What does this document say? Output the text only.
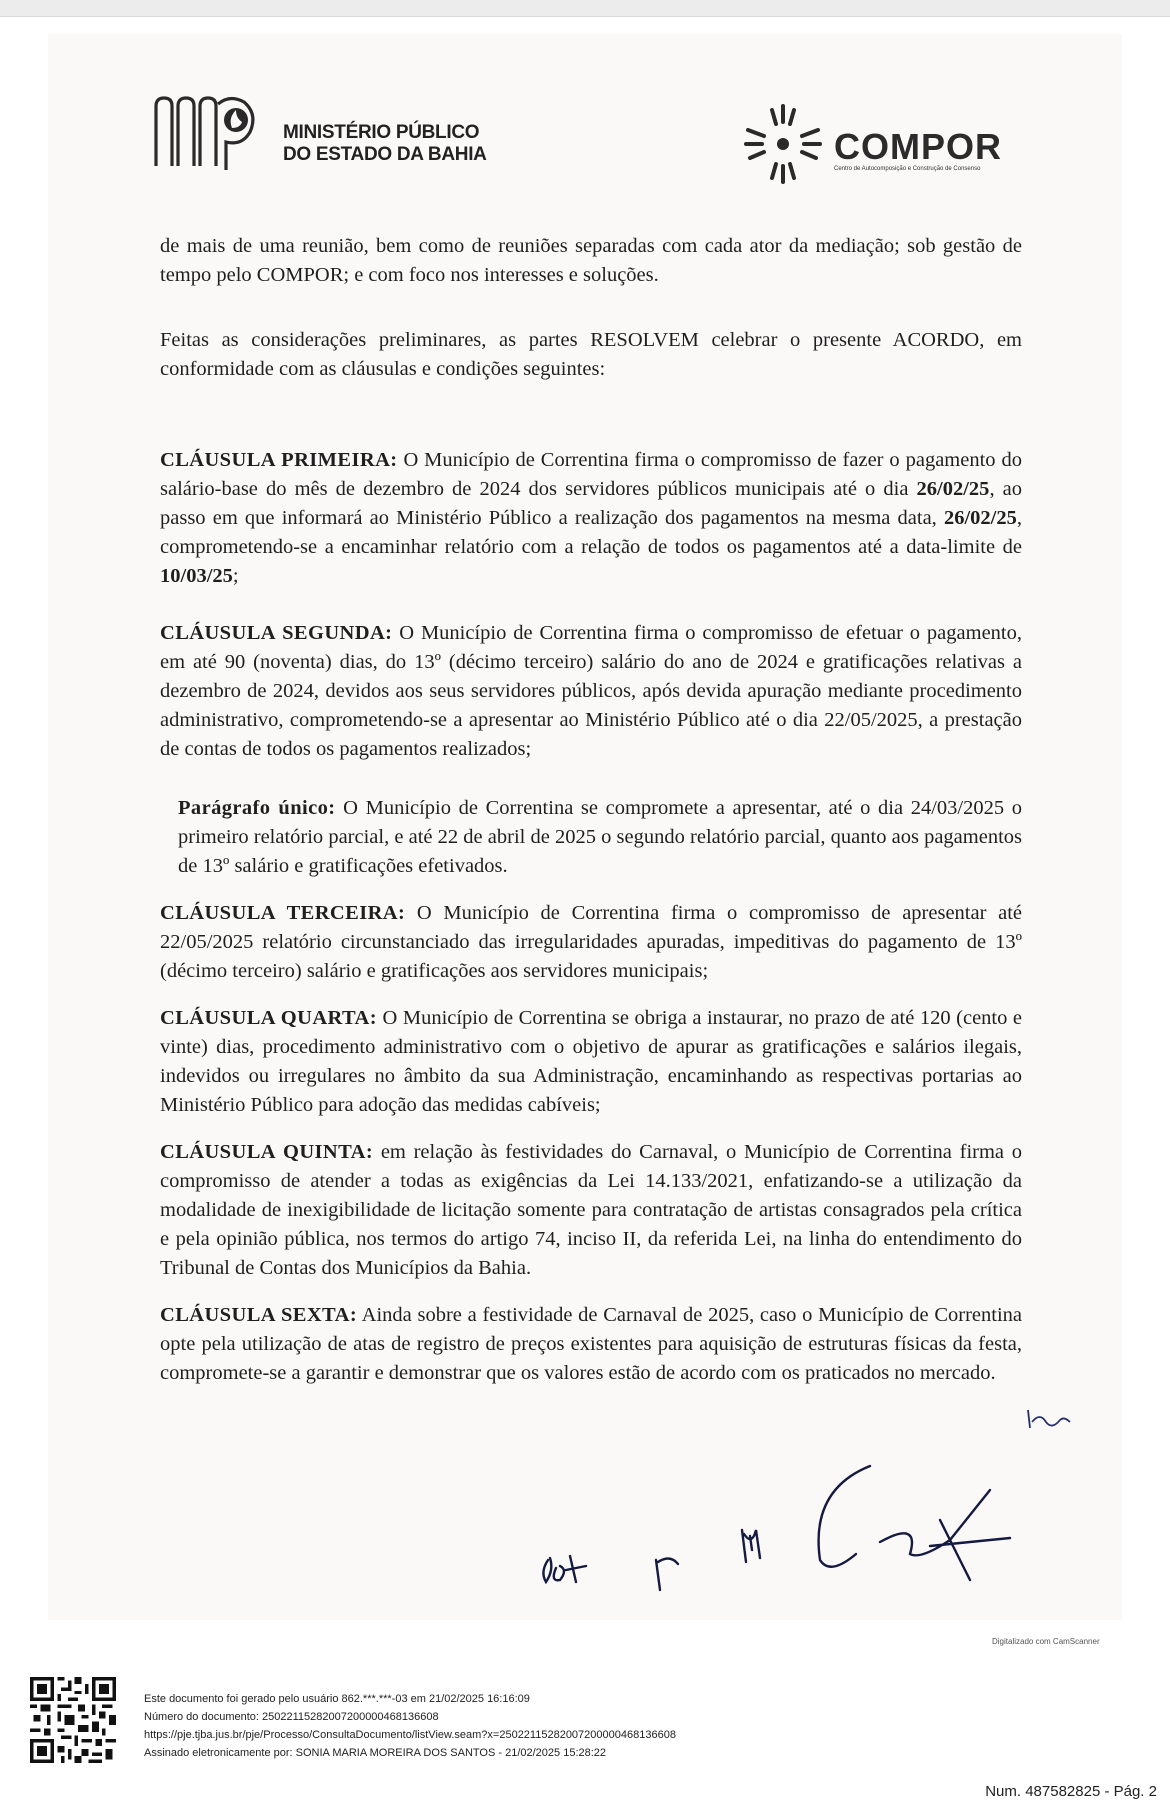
MINISTÉRIO PÚBLICO
DO ESTADO DA BAHIA	COMPOR
Centro de Autocomposição e Construção de Consenso

de mais de uma reunião, bem como de reuniões separadas com cada ator da mediação; sob gestão de tempo pelo COMPOR; e com foco nos interesses e soluções.

Feitas as considerações preliminares, as partes RESOLVEM celebrar o presente ACORDO, em conformidade com as cláusulas e condições seguintes:

CLÁUSULA PRIMEIRA: O Município de Correntina firma o compromisso de fazer o pagamento do salário-base do mês de dezembro de 2024 dos servidores públicos municipais até o dia 26/02/25, ao passo em que informará ao Ministério Público a realização dos pagamentos na mesma data, 26/02/25, comprometendo-se a encaminhar relatório com a relação de todos os pagamentos até a data-limite de 10/03/25;

CLÁUSULA SEGUNDA: O Município de Correntina firma o compromisso de efetuar o pagamento, em até 90 (noventa) dias, do 13º (décimo terceiro) salário do ano de 2024 e gratificações relativas a dezembro de 2024, devidos aos seus servidores públicos, após devida apuração mediante procedimento administrativo, comprometendo-se a apresentar ao Ministério Público até o dia 22/05/2025, a prestação de contas de todos os pagamentos realizados;

Parágrafo único: O Município de Correntina se compromete a apresentar, até o dia 24/03/2025 o primeiro relatório parcial, e até 22 de abril de 2025 o segundo relatório parcial, quanto aos pagamentos de 13º salário e gratificações efetivados.

CLÁUSULA TERCEIRA: O Município de Correntina firma o compromisso de apresentar até 22/05/2025 relatório circunstanciado das irregularidades apuradas, impeditivas do pagamento de 13º (décimo terceiro) salário e gratificações aos servidores municipais;

CLÁUSULA QUARTA: O Município de Correntina se obriga a instaurar, no prazo de até 120 (cento e vinte) dias, procedimento administrativo com o objetivo de apurar as gratificações e salários ilegais, indevidos ou irregulares no âmbito da sua Administração, encaminhando as respectivas portarias ao Ministério Público para adoção das medidas cabíveis;

CLÁUSULA QUINTA: em relação às festividades do Carnaval, o Município de Correntina firma o compromisso de atender a todas as exigências da Lei 14.133/2021, enfatizando-se a utilização da modalidade de inexigibilidade de licitação somente para contratação de artistas consagrados pela crítica e pela opinião pública, nos termos do artigo 74, inciso II, da referida Lei, na linha do entendimento do Tribunal de Contas dos Municípios da Bahia.

CLÁUSULA SEXTA: Ainda sobre a festividade de Carnaval de 2025, caso o Município de Correntina opte pela utilização de atas de registro de preços existentes para aquisição de estruturas físicas da festa, compromete-se a garantir e demonstrar que os valores estão de acordo com os praticados no mercado.

Digitalizado com CamScanner
Este documento foi gerado pelo usuário 862.***.***-03 em 21/02/2025 16:16:09
Número do documento: 25022115282007200000468136608
https://pje.tjba.jus.br/pje/Processo/ConsultaDocumento/listView.seam?x=25022115282007200000468136608
Assinado eletronicamente por: SONIA MARIA MOREIRA DOS SANTOS - 21/02/2025 15:28:22
Num. 487582825 - Pág. 2
